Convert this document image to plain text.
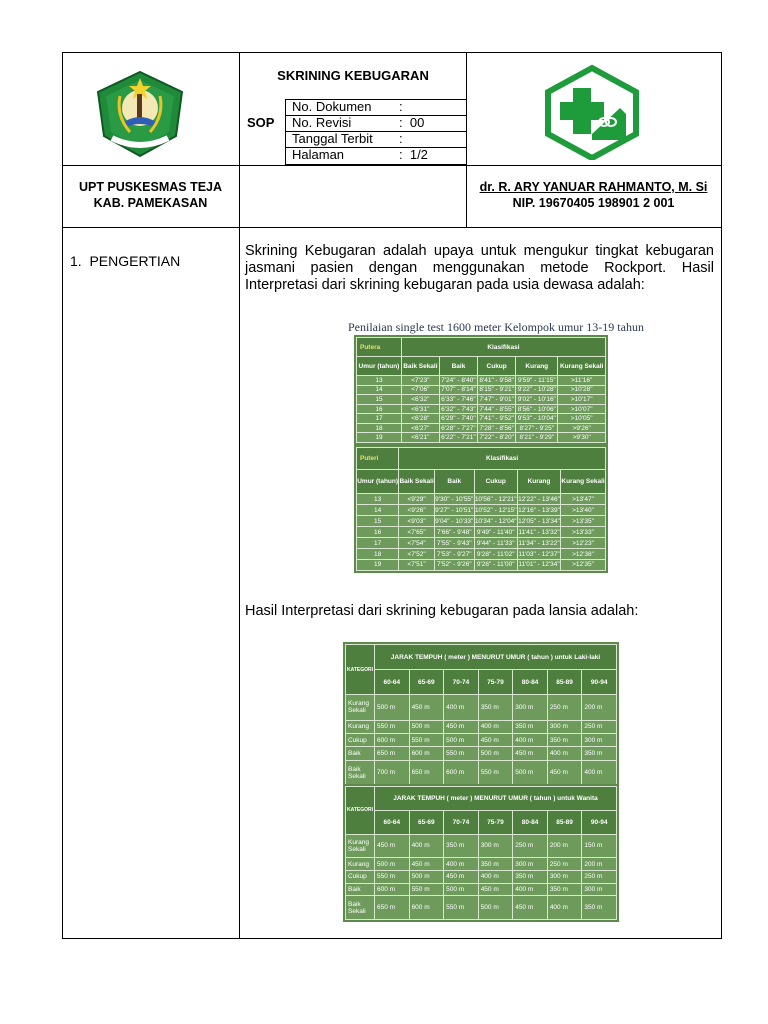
SKRINING KEBUGARAN
SOP
No. Dokumen :
No. Revisi	:  00
Tanggal Terbit :
Halaman	:  1/2
UPT PUSKESMAS TEJA
KAB. PAMEKASAN
dr. R. ARY YANUAR RAHMANTO, M. Si
NIP. 19670405 198901 2 001
1.  PENGERTIAN
Skrining Kebugaran adalah upaya untuk mengukur tingkat kebugaran jasmani pasien dengan menggunakan metode Rockport. Hasil Interpretasi dari skrining kebugaran pada usia dewasa adalah:
Penilaian single test 1600 meter Kelompok umur 13-19 tahun
Putera	Klasifikasi				
Umur (tahun)	Baik Sekali	Baik	Cukup	Kurang	Kurang Sekali
13	<7'23"	7'24" - 8'40"	8'41" - 9'58"	9'59" - 11'15"	>11'16"
14	<7'06"	7'07" - 8'14"	8'15" - 9'21"	9'22" - 10'28"	>10'28"
15	<6'32"	6'33" - 7'46"	7'47" - 9'01"	9'02" - 10'16"	>10'17"
16	<6'31"	6'32" - 7'43"	7'44" - 8'55"	8'56" - 10'06"	>10'07"
17	<6'28"	6'29" - 7'40"	7'41" - 9'52"	9'53" - 10'04"	>10'05"
18	<6'27"	6'28" - 7'27"	7'28" - 8'56"	8'27" - 9'25"	>9'26"
19	<6'21"	6'22" - 7'21"	7'22" - 8'20"	8'21" - 9'29"	>9'30"
Puteri	Klasifikasi				
Umur (tahun)	Baik Sekali	Baik	Cukup	Kurang	Kurang Sekali
13	<9'29"	9'30" - 10'55"	10'56" - 12'21"	12'22" - 13'46"	>13'47"
14	<9'26"	9'27" - 10'51"	10'52" - 12'15"	12'16" - 13'39"	>13'40"
15	<9'03"	9'04" - 10'33"	10'34" - 12'04"	12'05" - 13'34"	>13'35"
16	<7'65"	7'66" - 9'48"	9'49" - 11'40"	11'41" - 13'32"	>13'33"
17	<7'54"	7'55" - 9'43"	9'44" - 11'33"	11'34" - 13'22"	>12'23"
18	<7'52"	7'53" - 9'27"	9'28" - 11'02"	11'03" - 12'37"	>12'38"
19	<7'51"	7'52" - 9'26"	9'26" - 11'00"	11'01" - 12'34"	>12'35"
Hasil Interpretasi dari skrining kebugaran pada lansia adalah:
KATEGORI	JARAK TEMPUH ( meter ) MENURUT UMUR ( tahun ) untuk Laki-laki						
	60-64	65-69	70-74	75-79	80-84	85-89	90-94
Kurang Sekali	500 m	450 m	400 m	350 m	300 m	250 m	200 m
Kurang	550 m	500 m	450 m	400 m	350 m	300 m	250 m
Cukup	600 m	550 m	500 m	450 m	400 m	350 m	300 m
Baik	650 m	600 m	550 m	500 m	450 m	400 m	350 m
Baik Sekali	700 m	650 m	600 m	550 m	500 m	450 m	400 m
KATEGORI	JARAK TEMPUH ( meter ) MENURUT UMUR ( tahun ) untuk Wanita						
	60-64	65-69	70-74	75-79	80-84	85-89	90-94
Kurang Sekali	450 m	400 m	350 m	300 m	250 m	200 m	150 m
Kurang	500 m	450 m	400 m	350 m	300 m	250 m	200 m
Cukup	550 m	500 m	450 m	400 m	350 m	300 m	250 m
Baik	600 m	550 m	500 m	450 m	400 m	350 m	300 m
Baik Sekali	650 m	600 m	550 m	500 m	450 m	400 m	350 m
